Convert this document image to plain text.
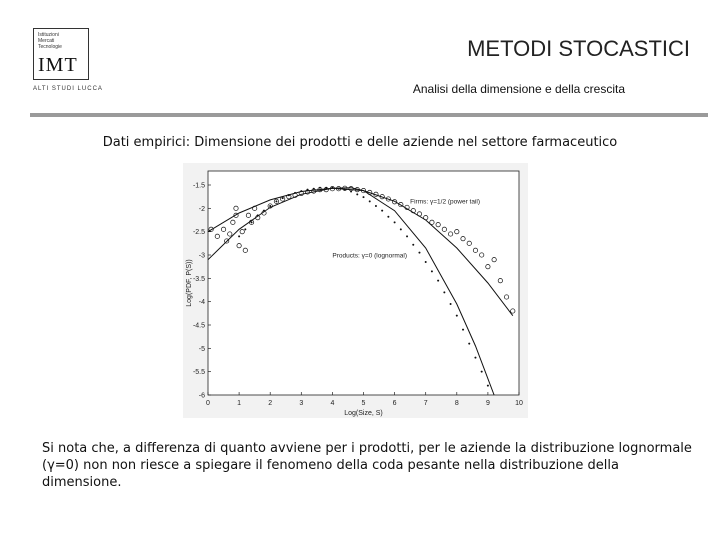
Istituzioni
Mercati
Tecnologie
IMT
ALTI STUDI LUCCA
METODI STOCASTICI
Analisi della dimensione e della crescita
Dati empirici: Dimensione dei prodotti e delle aziende nel settore farmaceutico
0	1	2	3	4	5	6	7	8	9	10
-1.5
-2
-2.5
-3
-3.5
-4
-4.5
-5
-5.5
-6
Log(Size, S)
Log(PDF, P(S))
Firms: γ=1/2 (power tail)
Products: γ=0 (lognormal)
Si nota che, a differenza di quanto avviene per i prodotti, per le aziende la distribuzione lognormale
(γ=0) non non riesce a spiegare il fenomeno della coda pesante nella distribuzione della dimensione.
